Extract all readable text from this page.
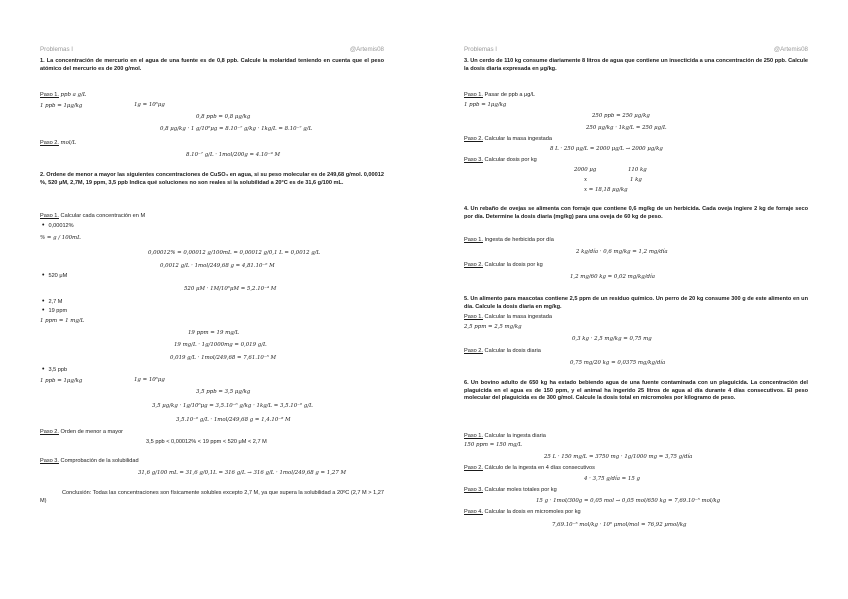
Problemas I	@Artemis08
1. La concentración de mercurio en el agua de una fuente es de 0,8 ppb. Calcule la molaridad teniendo en cuenta que el peso atómico del mercurio es de 200 g/mol.
Paso 1. ppb a g/L
1 ppb = 1μg/kg	1g = 10⁶μg
0,8 ppb = 0,8 μg/kg
0,8 μg/kg · 1 g/10⁶μg = 8.10⁻⁷ g/kg · 1kg/L = 8.10⁻⁷ g/L
Paso 2. mol/L
8.10⁻⁷ g/L · 1mol/200g = 4.10⁻⁹ M
2. Ordene de menor a mayor las siguientes concentraciones de CuSO₄ en agua, si su peso molecular es de 249,68 g/mol. 0,00012 %, 520 μM, 2,7M, 19 ppm, 3,5 ppb Indica qué soluciones no son reales si la solubilidad a 20°C es de 31,6 g/100 mL.
Paso 1. Calcular cada concentración en M
• 0,00012%
% = g / 100mL
0,00012% = 0,00012 g/100mL = 0,00012 g/0,1 L = 0,0012 g/L
0,0012 g/L · 1mol/249,68 g = 4,81.10⁻⁶ M
• 520 μM
520 μM · 1M/10⁶μM = 5,2.10⁻⁴ M
• 2,7 M
• 19 ppm
1 ppm = 1 mg/L
19 ppm = 19 mg/L
19 mg/L · 1g/1000mg = 0,019 g/L
0,019 g/L · 1mol/249,68 = 7,61.10⁻⁵ M
• 3,5 ppb
1 ppb = 1μg/kg	1g = 10⁶μg
3,5 ppb = 3,5 μg/kg
3,5 μg/kg · 1g/10⁶μg = 3,5.10⁻⁶ g/kg · 1kg/L = 3,5.10⁻⁶ g/L
3,5.10⁻⁶ g/L · 1mol/249,68 g = 1,4.10⁻⁸ M
Paso 2. Orden de menor a mayor
3,5 ppb < 0,00012% < 19 ppm < 520 μM < 2,7 M
Paso 3. Comprobación de la solubilidad
31,6 g/100 mL = 31,6 g/0,1L = 316 g/L → 316 g/L · 1mol/249,68 g = 1,27 M
Conclusión: Todas las concentraciones son físicamente solubles excepto 2,7 M, ya que supera la solubilidad a 20ºC (2,7 M > 1,27 M)
Problemas I	@Artemis08
3. Un cerdo de 110 kg consume diariamente 8 litros de agua que contiene un insecticida a una concentración de 250 ppb. Calcule la dosis diaria expresada en μg/kg.
Paso 1. Pasar de ppb a μg/L
1 ppb = 1μg/kg
250 ppb = 250 μg/kg
250 μg/kg · 1kg/L = 250 μg/L
Paso 2. Calcular la masa ingestada
8 L · 250 μg/L = 2000 μg/L → 2000 μg/kg
Paso 3. Calcular dosis por kg
2000 μg	110 kg
x	1 kg
x = 18,18 μg/kg
4. Un rebaño de ovejas se alimenta con forraje que contiene 0,6 mg/kg de un herbicida. Cada oveja ingiere 2 kg de forraje seco por día. Determine la dosis diaria (mg/kg) para una oveja de 60 kg de peso.
Paso 1. Ingesta de herbicida por día
2 kg/día · 0,6 mg/kg = 1,2 mg/día
Paso 2. Calcular la dosis por kg
1,2 mg/60 kg = 0,02 mg/kg/día
5. Un alimento para mascotas contiene 2,5 ppm de un residuo químico. Un perro de 20 kg consume 300 g de este alimento en un día. Calcule la dosis diaria en mg/kg.
Paso 1. Calcular la masa ingestada
2,5 ppm = 2,5 mg/kg
0,3 kg · 2,5 mg/kg = 0,75 mg
Paso 2. Calcular la dosis diaria
0,75 mg/20 kg = 0,0375 mg/kg/día
6. Un bovino adulto de 650 kg ha estado bebiendo agua de una fuente contaminada con un plaguicida. La concentración del plaguicida en el agua es de 150 ppm, y el animal ha ingerido 25 litros de agua al día durante 4 días consecutivos. El peso molecular del plaguicida es de 300 g/mol. Calcule la dosis total en micromoles por kilogramo de peso.
Paso 1. Calcular la ingesta diaria
150 ppm = 150 mg/L
25 L · 150 mg/L = 3750 mg · 1g/1000 mg = 3,75 g/día
Paso 2. Cálculo de la ingesta en 4 días consecutivos
4 · 3,75 g/día = 15 g
Paso 3. Calcular moles totales por kg
15 g · 1mol/300g = 0,05 mol → 0,05 mol/650 kg = 7,69.10⁻⁵ mol/kg
Paso 4. Calcular la dosis en micromoles por kg
7,69.10⁻⁵ mol/kg · 10⁶ μmol/mol = 76,92 μmol/kg
